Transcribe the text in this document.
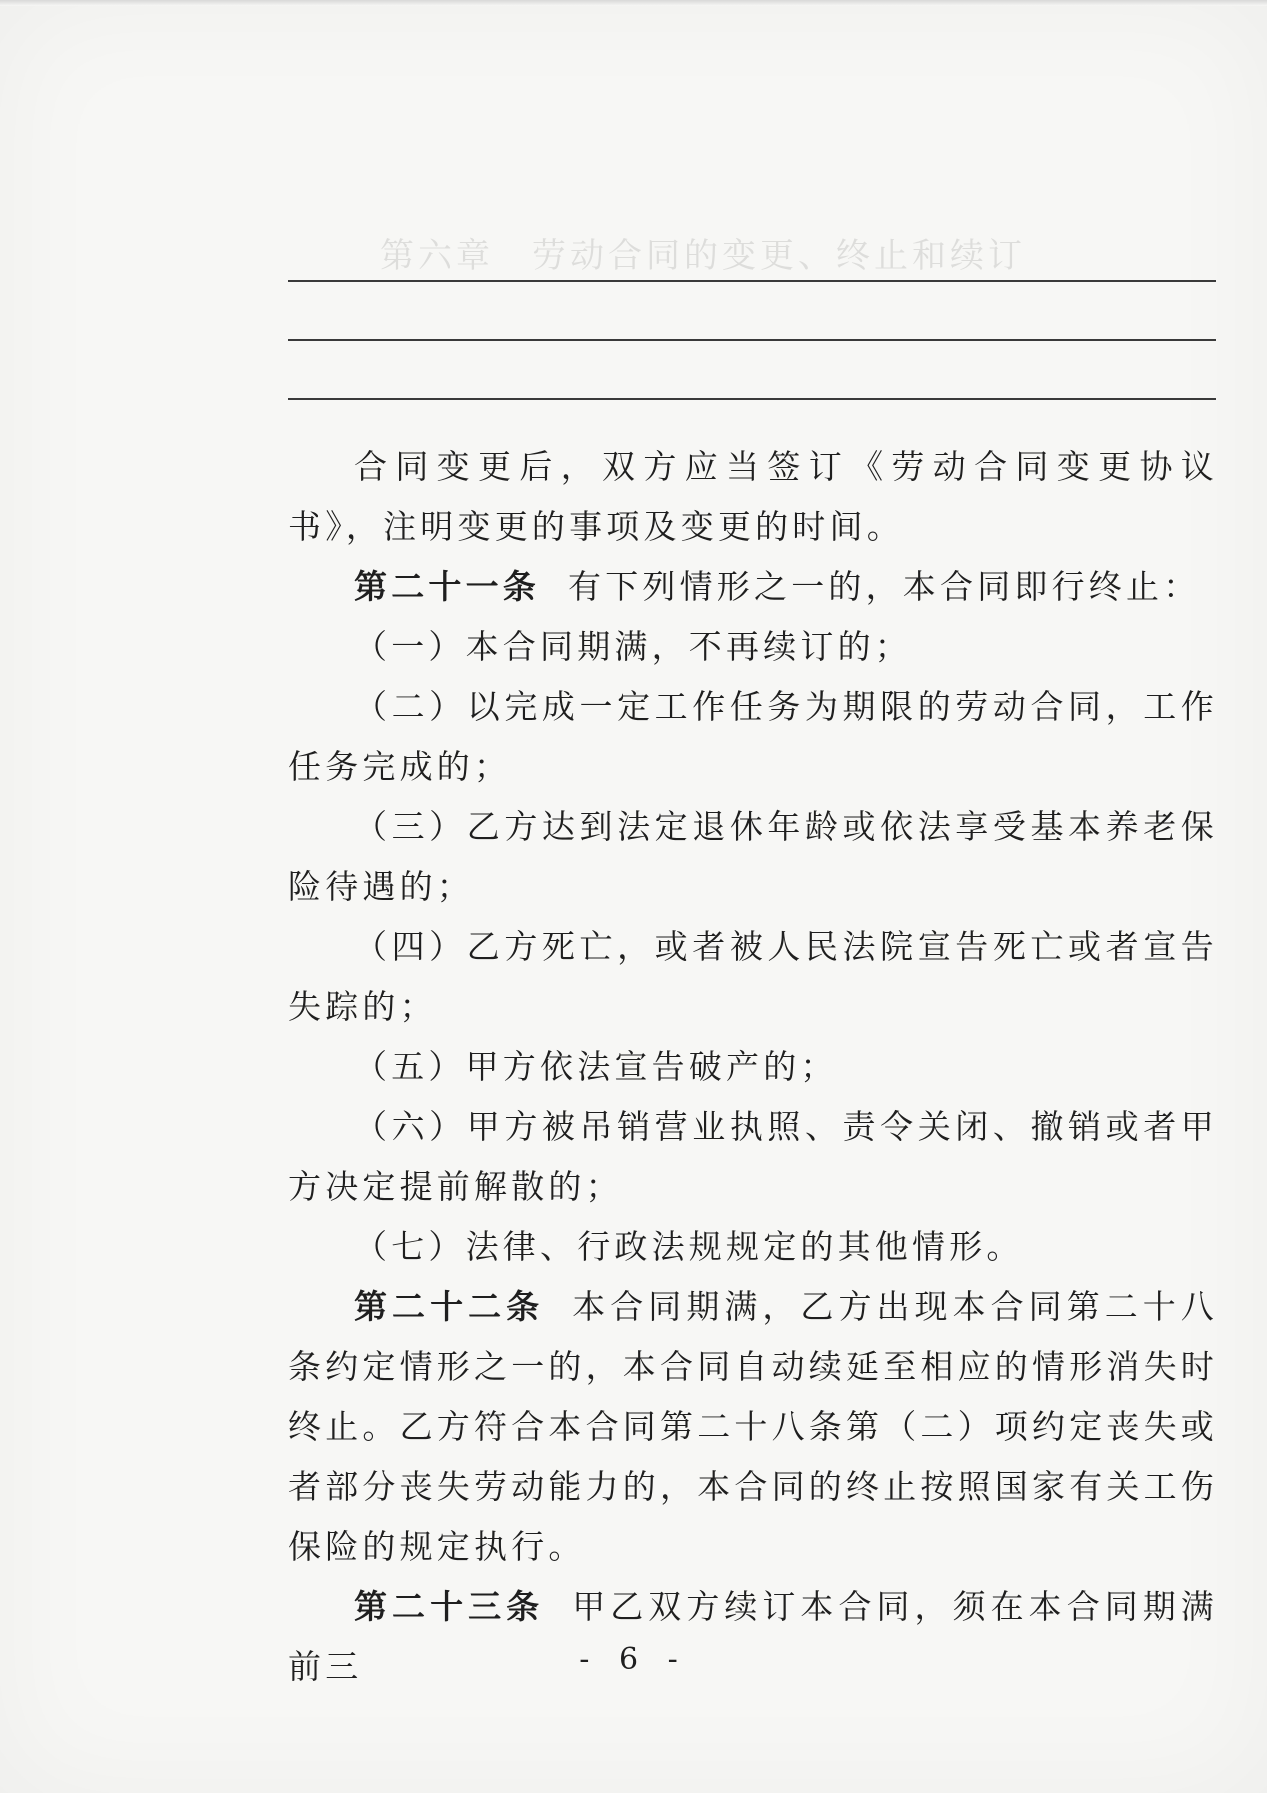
第六章　劳动合同的变更、终止和续订

合同变更后，双方应当签订《劳动合同变更协议书》，注明变更的事项及变更的时间。

第二十一条 有下列情形之一的，本合同即行终止：

（一）本合同期满，不再续订的；

（二）以完成一定工作任务为期限的劳动合同，工作任务完成的；

（三）乙方达到法定退休年龄或依法享受基本养老保险待遇的；

（四）乙方死亡，或者被人民法院宣告死亡或者宣告失踪的；

（五）甲方依法宣告破产的；

（六）甲方被吊销营业执照、责令关闭、撤销或者甲方决定提前解散的；

（七）法律、行政法规规定的其他情形。

第二十二条 本合同期满，乙方出现本合同第二十八条约定情形之一的，本合同自动续延至相应的情形消失时终止。乙方符合本合同第二十八条第（二）项约定丧失或者部分丧失劳动能力的，本合同的终止按照国家有关工伤保险的规定执行。

第二十三条 甲乙双方续订本合同，须在本合同期满前三	- 6 -
